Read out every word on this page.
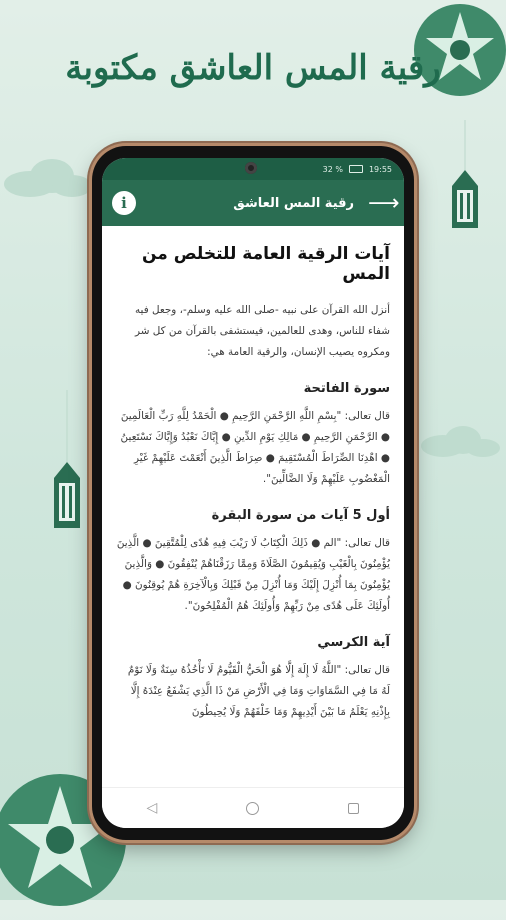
رقية المس العاشق مكتوبة
32 %	19:55
i	رقية المس العاشق ⟶
آيات الرقية العامة للتخلص من المس

أنزل الله القرآن على نبيه -صلى الله عليه وسلم-، وجعل فيه شفاء للناس، وهدى للعالمين، فيستشفى بالقرآن من كل شر ومكروه يصيب الإنسان، والرقية العامة هي:

سورة الفاتحة

قال تعالى: "بِسْمِ اللَّهِ الرَّحْمَنِ الرَّحِيمِ ● الْحَمْدُ لِلَّهِ رَبِّ الْعَالَمِينَ ● الرَّحْمَنِ الرَّحِيمِ ● مَالِكِ يَوْمِ الدِّينِ ● إِيَّاكَ نَعْبُدُ وَإِيَّاكَ نَسْتَعِينُ ● اهْدِنَا الصِّرَاطَ الْمُسْتَقِيمَ ● صِرَاطَ الَّذِينَ أَنْعَمْتَ عَلَيْهِمْ غَيْرِ الْمَغْضُوبِ عَلَيْهِمْ وَلَا الضَّالِّينَ".

أول 5 آيات من سورة البقرة

قال تعالى: "الم ● ذَلِكَ الْكِتَابُ لَا رَيْبَ فِيهِ هُدًى لِلْمُتَّقِينَ ● الَّذِينَ يُؤْمِنُونَ بِالْغَيْبِ وَيُقِيمُونَ الصَّلَاةَ وَمِمَّا رَزَقْنَاهُمْ يُنْفِقُونَ ● وَالَّذِينَ يُؤْمِنُونَ بِمَا أُنْزِلَ إِلَيْكَ وَمَا أُنْزِلَ مِنْ قَبْلِكَ وَبِالْآخِرَةِ هُمْ يُوقِنُونَ ● أُولَئِكَ عَلَى هُدًى مِنْ رَبِّهِمْ وَأُولَئِكَ هُمُ الْمُفْلِحُونَ".

آية الكرسي

قال تعالى: "اللَّهُ لَا إِلَهَ إِلَّا هُوَ الْحَيُّ الْقَيُّومُ لَا تَأْخُذُهُ سِنَةٌ وَلَا نَوْمٌ لَهُ مَا فِي السَّمَاوَاتِ وَمَا فِي الْأَرْضِ مَنْ ذَا الَّذِي يَشْفَعُ عِنْدَهُ إِلَّا بِإِذْنِهِ يَعْلَمُ مَا بَيْنَ أَيْدِيهِمْ وَمَا خَلْفَهُمْ وَلَا يُحِيطُونَ

◁
